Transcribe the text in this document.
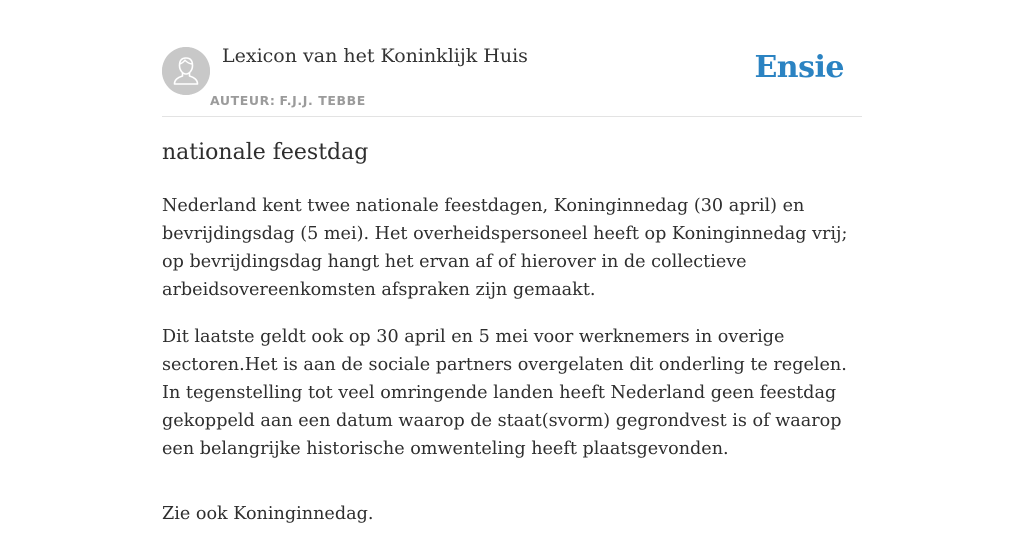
Lexicon van het Koninklijk Huis
AUTEUR: F.J.J. TEBBE
Ensie
nationale feestdag

Nederland kent twee nationale feestdagen, Koninginnedag (30 april) en bevrijdingsdag (5 mei). Het overheidspersoneel heeft op Koninginnedag vrij; op bevrijdingsdag hangt het ervan af of hierover in de collectieve arbeidsovereenkomsten afspraken zijn gemaakt.

Dit laatste geldt ook op 30 april en 5 mei voor werknemers in overige sectoren.Het is aan de sociale partners overgelaten dit onderling te regelen. In tegenstelling tot veel omringende landen heeft Nederland geen feestdag gekoppeld aan een datum waarop de staat(svorm) gegrondvest is of waarop een belangrijke historische omwenteling heeft plaatsgevonden.

Zie ook Koninginnedag.
